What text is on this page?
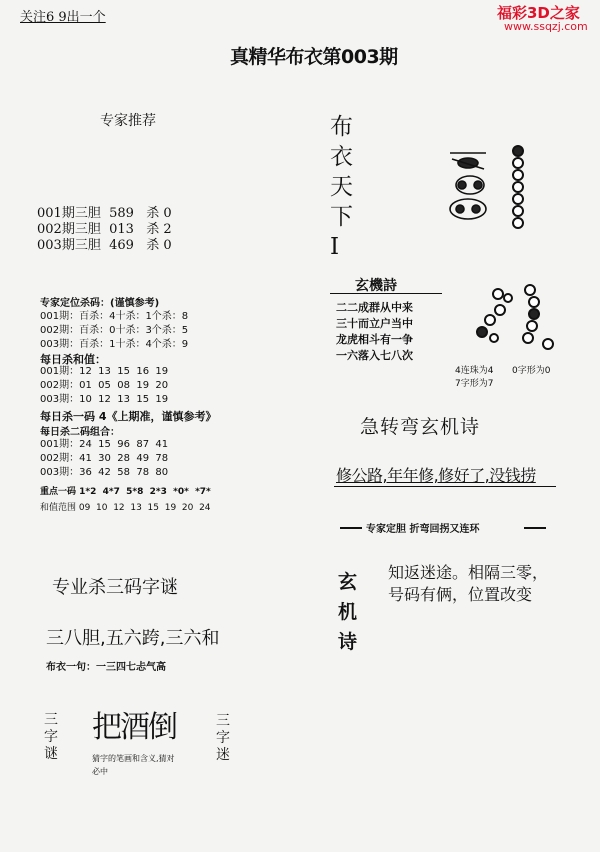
关注6 9出一个	福彩3D之家
www.ssqzj.com
真精华布衣第003期
专家推荐
001期三胆  589   杀 0
002期三胆  013   杀 2
003期三胆  469   杀 0
专家定位杀码：(谨慎参考)
001期：百杀：4十杀：1个杀：8
002期：百杀：0十杀：3个杀：5
003期：百杀：1十杀：4个杀：9
每日杀和值：
001期：12  13  15  16  19
002期：01  05  08  19  20
003期：10  12  13  15  19
每日杀一码 4《上期准，谨慎参考》
每日杀二码组合：
001期：24  15  96  87  41
002期：41  30  28  49  78
003期：36  42  58  78  80
重点一码 1*2  4*7  5*8  2*3  *0*  *7*
和值范围 09  10  12  13  15  19  20  24
专业杀三码字谜
三八胆,五六跨,三六和
布衣一句：一三四七忐气高
三字谜
把酒倒
猜字的笔画和含义,猜对必中
三字迷
布衣天下I
玄機詩
二二成群从中来
三十而立户当中
龙虎相斗有一争
一六落入七八次
4连珠为4 0字形为0
7字形为7
急转弯玄机诗
修公路,年年修,修好了,没钱捞
专家定胆 折弯回拐又连环
玄机诗
知返迷途。相隔三零，
号码有俩，位置改变
